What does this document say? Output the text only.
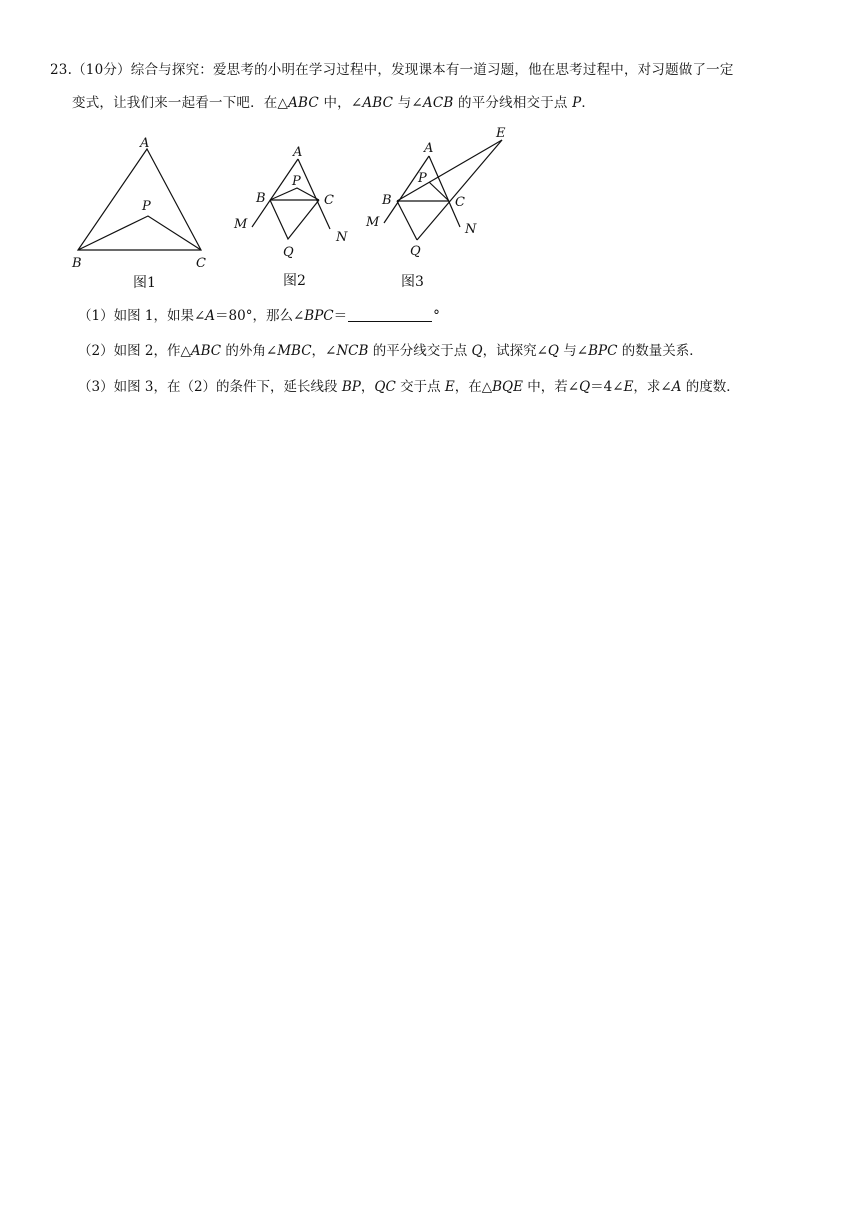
23.（10分）综合与探究：爱思考的小明在学习过程中，发现课本有一道习题，他在思考过程中，对习题做了一定
变式，让我们来一起看一下吧．在△ABC 中，∠ABC 与∠ACB 的平分线相交于点 P．
A
P
B	C
图1
A
P
B	C
M
N
Q
图2
E
A
P
B	C
M	N
Q
图3
（1）如图 1，如果∠A＝80°，那么∠BPC＝	°
（2）如图 2，作△ABC 的外角∠MBC，∠NCB 的平分线交于点 Q，试探究∠Q 与∠BPC 的数量关系．
（3）如图 3，在（2）的条件下，延长线段 BP，QC 交于点 E，在△BQE 中，若∠Q＝4∠E，求∠A 的度数．
